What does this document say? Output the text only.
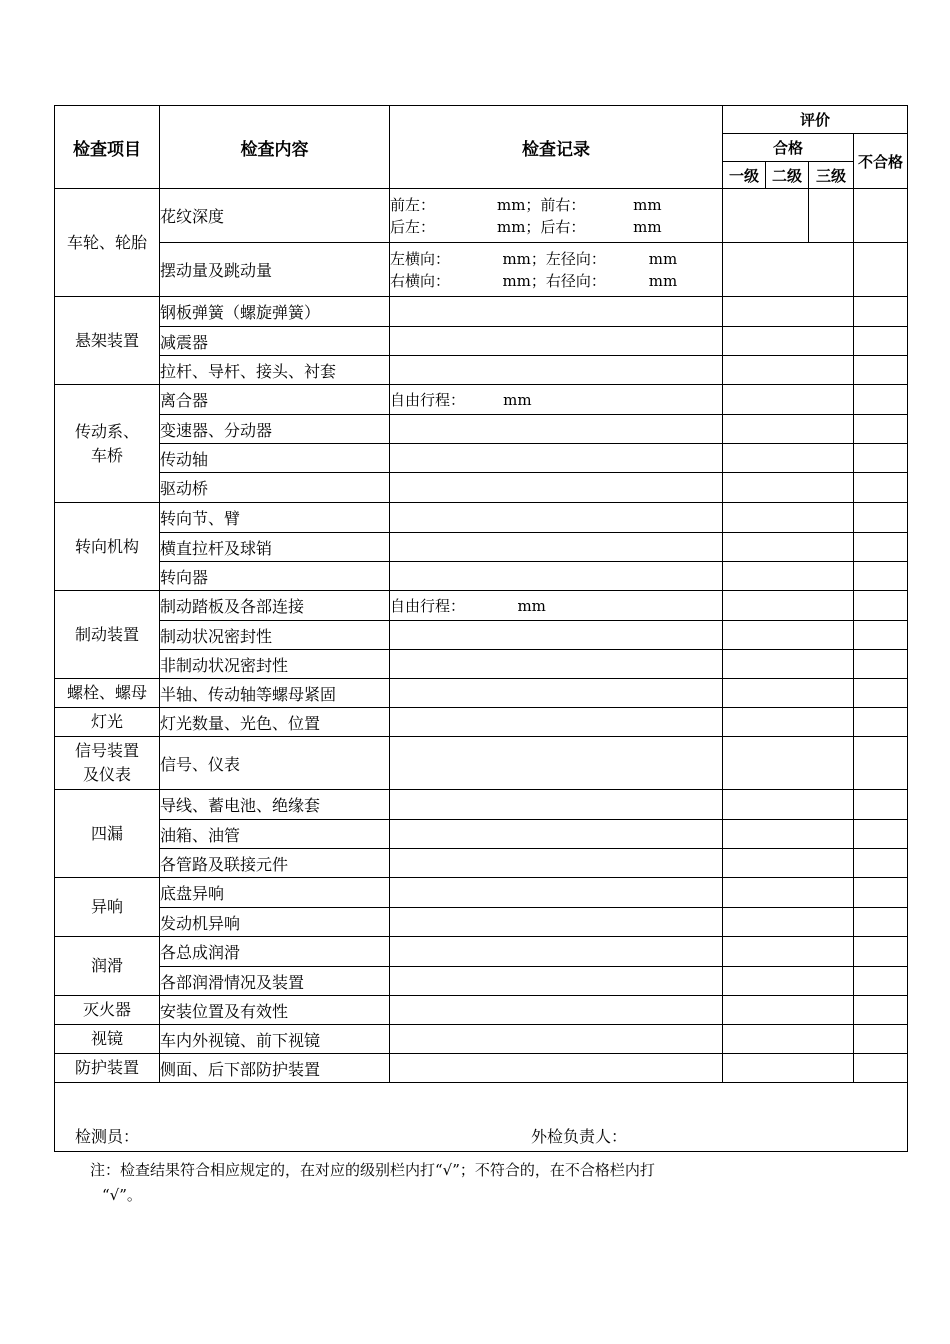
检查项目	检查内容	检查记录	评价			
			合格			不合格
			一级	二级	三级	
车轮、轮胎	花纹深度	前左：             mm；前右：          mm
后左：             mm；后右：          mm				
	摆动量及跳动量	左横向：           mm；左径向：         mm
右横向：           mm；右径向：         mm				
悬架装置	钢板弹簧（螺旋弹簧）					
	减震器					
	拉杆、导杆、接头、衬套					
传动系、
车桥	离合器	自由行程：        mm				
	变速器、分动器					
	传动轴					
	驱动桥					
转向机构	转向节、臂					
	横直拉杆及球销					
	转向器					
制动装置	制动踏板及各部连接	自由行程：           mm				
	制动状况密封性					
	非制动状况密封性					
螺栓、螺母	半轴、传动轴等螺母紧固					
灯光	灯光数量、光色、位置					
信号装置
及仪表	信号、仪表					
四漏	导线、蓄电池、绝缘套					
	油箱、油管					
	各管路及联接元件					
异响	底盘异响					
	发动机异响					
润滑	各总成润滑					
	各部润滑情况及装置					
灭火器	安装位置及有效性					
视镜	车内外视镜、前下视镜					
防护装置	侧面、后下部防护装置					

检测员： 外检负责人：						
注：检查结果符合相应规定的，在对应的级别栏内打“√”；不符合的，在不合格栏内打
“√”。
